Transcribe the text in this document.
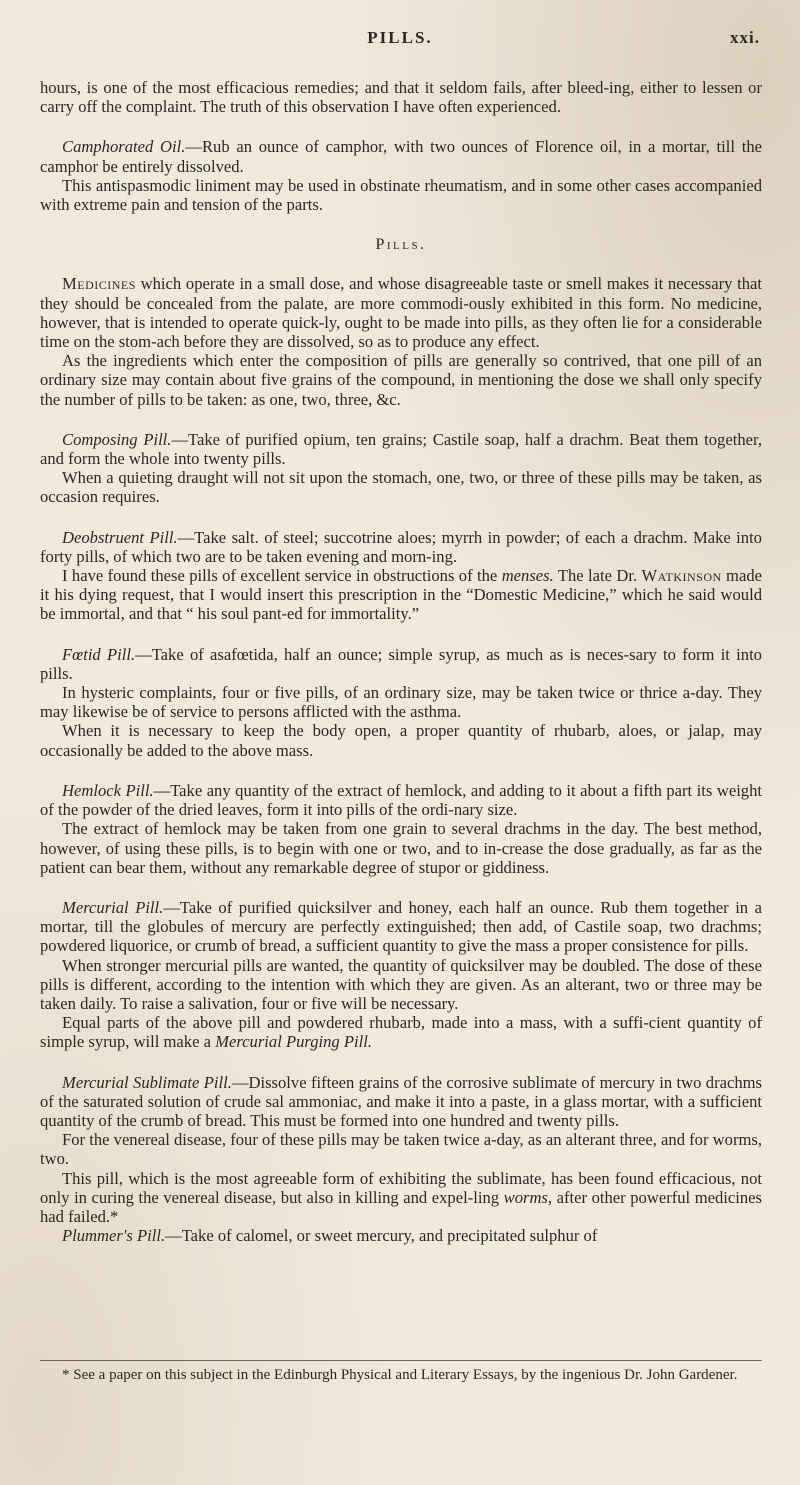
PILLS.	xxi.

hours, is one of the most efficacious remedies; and that it seldom fails, after bleed-ing, either to lessen or carry off the complaint. The truth of this observation I have often experienced.

Camphorated Oil.—Rub an ounce of camphor, with two ounces of Florence oil, in a mortar, till the camphor be entirely dissolved.

This antispasmodic liniment may be used in obstinate rheumatism, and in some other cases accompanied with extreme pain and tension of the parts.

Pills.

Medicines which operate in a small dose, and whose disagreeable taste or smell makes it necessary that they should be concealed from the palate, are more commodi-ously exhibited in this form. No medicine, however, that is intended to operate quick-ly, ought to be made into pills, as they often lie for a considerable time on the stom-ach before they are dissolved, so as to produce any effect.

As the ingredients which enter the composition of pills are generally so contrived, that one pill of an ordinary size may contain about five grains of the compound, in mentioning the dose we shall only specify the number of pills to be taken: as one, two, three, &c.

Composing Pill.—Take of purified opium, ten grains; Castile soap, half a drachm. Beat them together, and form the whole into twenty pills.

When a quieting draught will not sit upon the stomach, one, two, or three of these pills may be taken, as occasion requires.

Deobstruent Pill.—Take salt. of steel; succotrine aloes; myrrh in powder; of each a drachm. Make into forty pills, of which two are to be taken evening and morn-ing.

I have found these pills of excellent service in obstructions of the menses. The late Dr. Watkinson made it his dying request, that I would insert this prescription in the “Domestic Medicine,” which he said would be immortal, and that “ his soul pant-ed for immortality.”

Fœtid Pill.—Take of asafœtida, half an ounce; simple syrup, as much as is neces-sary to form it into pills.

In hysteric complaints, four or five pills, of an ordinary size, may be taken twice or thrice a-day. They may likewise be of service to persons afflicted with the asthma.

When it is necessary to keep the body open, a proper quantity of rhubarb, aloes, or jalap, may occasionally be added to the above mass.

Hemlock Pill.—Take any quantity of the extract of hemlock, and adding to it about a fifth part its weight of the powder of the dried leaves, form it into pills of the ordi-nary size.

The extract of hemlock may be taken from one grain to several drachms in the day. The best method, however, of using these pills, is to begin with one or two, and to in-crease the dose gradually, as far as the patient can bear them, without any remarkable degree of stupor or giddiness.

Mercurial Pill.—Take of purified quicksilver and honey, each half an ounce. Rub them together in a mortar, till the globules of mercury are perfectly extinguished; then add, of Castile soap, two drachms; powdered liquorice, or crumb of bread, a sufficient quantity to give the mass a proper consistence for pills.

When stronger mercurial pills are wanted, the quantity of quicksilver may be doubled. The dose of these pills is different, according to the intention with which they are given. As an alterant, two or three may be taken daily. To raise a salivation, four or five will be necessary.

Equal parts of the above pill and powdered rhubarb, made into a mass, with a suffi-cient quantity of simple syrup, will make a Mercurial Purging Pill.

Mercurial Sublimate Pill.—Dissolve fifteen grains of the corrosive sublimate of mercury in two drachms of the saturated solution of crude sal ammoniac, and make it into a paste, in a glass mortar, with a sufficient quantity of the crumb of bread. This must be formed into one hundred and twenty pills.

For the venereal disease, four of these pills may be taken twice a-day, as an alterant three, and for worms, two.

This pill, which is the most agreeable form of exhibiting the sublimate, has been found efficacious, not only in curing the venereal disease, but also in killing and expel-ling worms, after other powerful medicines had failed.*

Plummer's Pill.—Take of calomel, or sweet mercury, and precipitated sulphur of

* See a paper on this subject in the Edinburgh Physical and Literary Essays, by the ingenious Dr. John Gardener.
